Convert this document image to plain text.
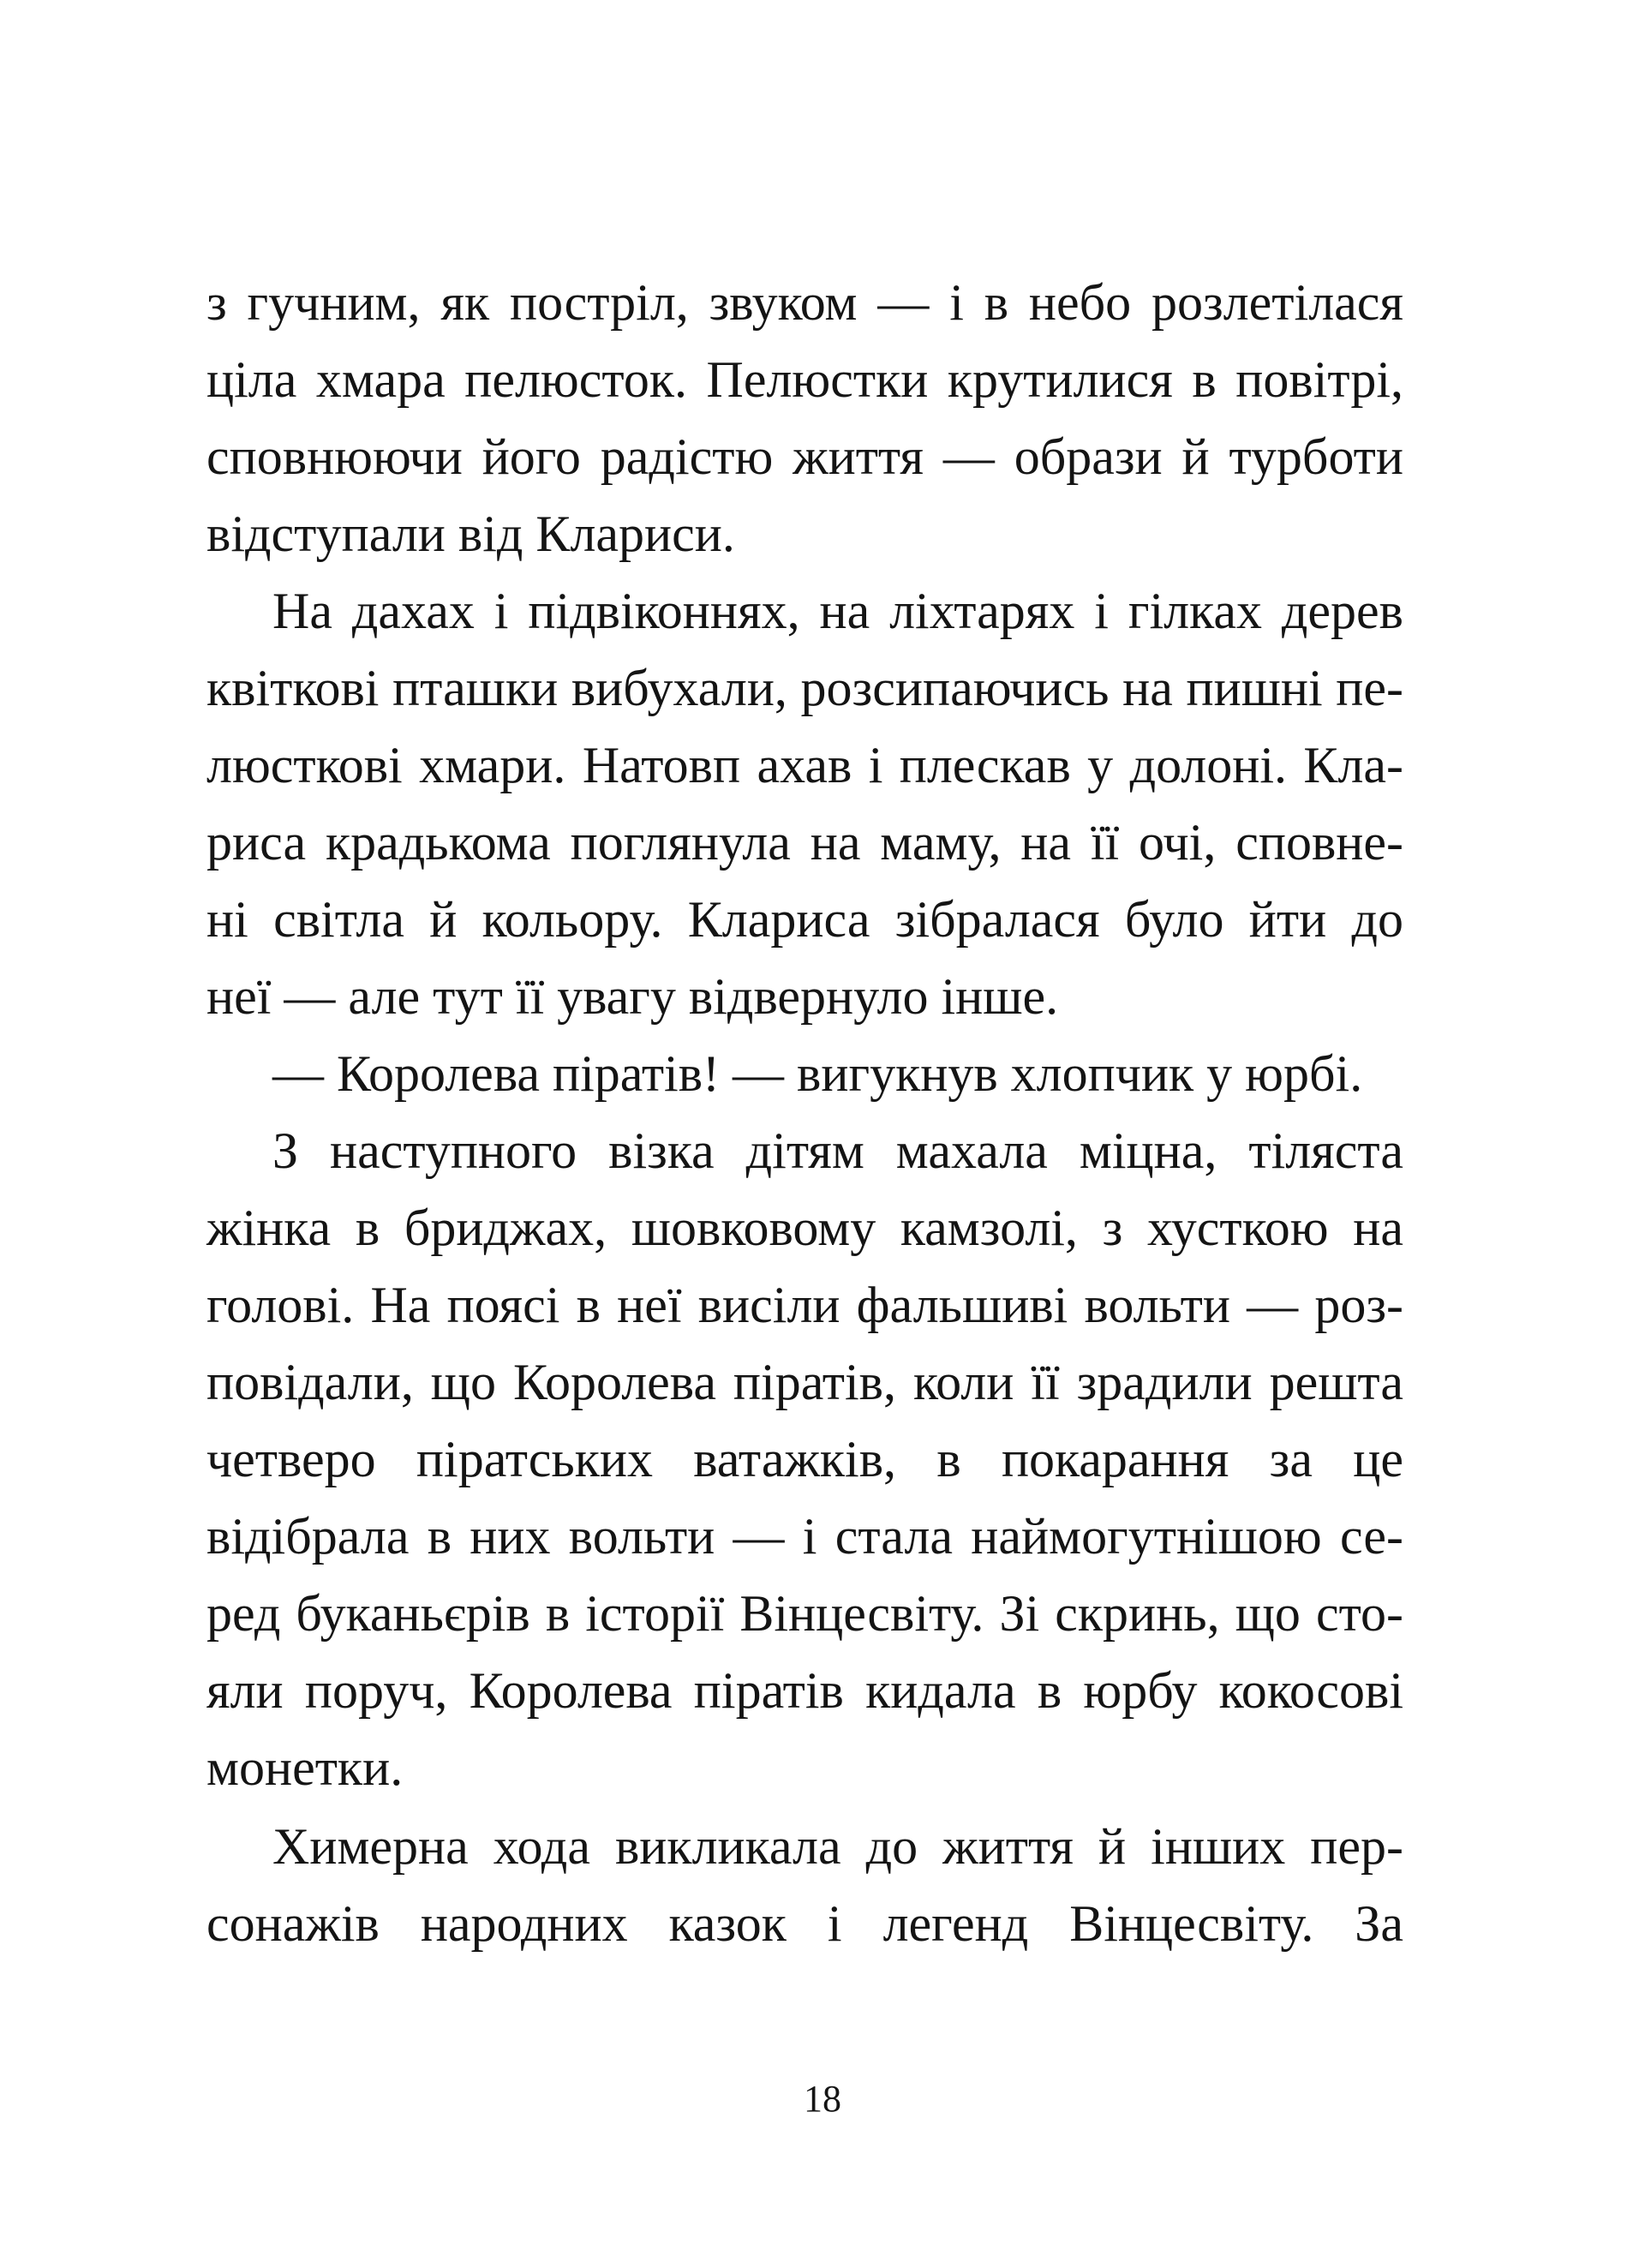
з гучним, як постріл, звуком — і в небо розлетілася
ціла хмара пелюсток. Пелюстки крутилися в повітрі,
сповнюючи його радістю життя — образи й турботи
відступали від Клариси.
На дахах і підвіконнях, на ліхтарях і гілках дерев
квіткові пташки вибухали, розсипаючись на пишні пе-
люсткові хмари. Натовп ахав і плескав у долоні. Кла-
риса крадькома поглянула на маму, на її очі, сповне-
ні світла й кольору. Клариса зібралася було йти до
неї — але тут її увагу відвернуло інше.
— Королева піратів! — вигукнув хлопчик у юрбі.
З наступного візка дітям махала міцна, тіляста
жінка в бриджах, шовковому камзолі, з хусткою на
голові. На поясі в неї висіли фальшиві вольти — роз-
повідали, що Королева піратів, коли її зрадили решта
четверо піратських ватажків, в покарання за це
відібрала в них вольти — і стала наймогутнішою се-
ред буканьєрів в історії Вінцесвіту. Зі скринь, що сто-
яли поруч, Королева піратів кидала в юрбу кокосові
монетки.
Химерна хода викликала до життя й інших пер-
сонажів народних казок і легенд Вінцесвіту. За
18
